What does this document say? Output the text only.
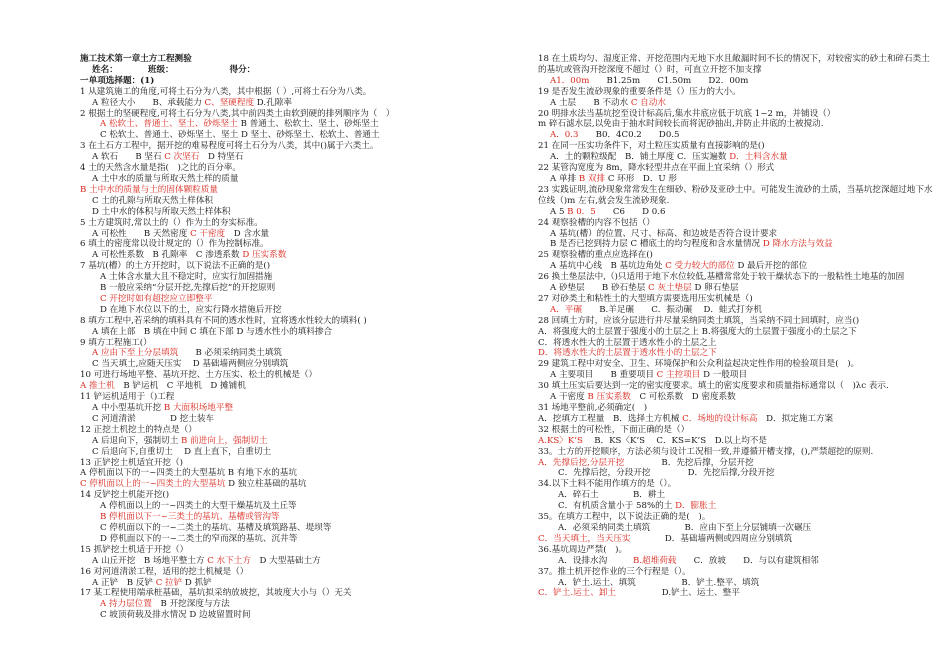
施工技术第一章土方工程测验
姓名：　　　　班级：　　　　　　　得分：
一单项选择题：(1)
1 从建筑施工的角度,可将土石分为八类，其中根据（ ）,可将土石分为八类。
A 粒径大小　　B、承载能力 C、坚硬程度 D.孔隙率
2 根据土的坚硬程度,可将土石分为八类,其中前四类土由软到硬的排列顺序为（　）
A 松软土、普通土、坚土、砂烁坚土 B 普通土、松软土、坚土、砂烁坚土
C 松软土、普通土、砂烁坚土、坚土 D 坚土、砂烁坚土、松软土、普通土
3 在土石方工程中，据开挖的难易程度可将土石分为八类，其中()属于六类土。
A 软石　　B 坚石 C 次坚石　D 特坚石
4 土的天然含水量是指(　)之比的百分率。
A 土中水的质量与所取天然土样的质量
B 土中水的质量与土的固体颗粒质量
C 土的孔隙与所取天然土样体积
D 土中水的体积与所取天然土样体积
5 土方建筑时,常以土的（）作为土的夯实标准。
A 可松性　　B 天然密度 C 干密度　D 含水量
6 填土的密度常以设计规定的（）作为控制标准。
A 可松性系数　B 孔隙率　C 渗透系数 D 压实系数
7 基坑(槽）的土方开挖时，以下说法不正确的是()
A 土体含水量大且不稳定时，应实行加固措施
B 一般应采纳“分层开挖,先撑后挖”的开挖原则
C 开挖时如有超挖应立即整平
D 在地下水位以下的土，应实行降水措施后开挖
8 填方工程中,若采纳的填料具有不同的透水性时，宜将透水性较大的填料( )
A 填在上部　B 填在中间 C 填在下部 D 与透水性小的填料掺合
9 填方工程施工(）
A 应由下至上分层填筑　　B 必须采纳同类土填筑
C 当天填土,应随天压实　 D 基础墙两侧应分别填筑
10 可进行场地平整、基坑开挖、土方压实、松土的机械是（）
A 推土机　B 铲运机　C 平地机　D 摊铺机
11 铲运机适用于（)工程
A 中小型基坑开挖 B 大面积场地平整
C 河道清淤　　　　D 挖土装车
12 正挖土机挖土的特点是（）
A 后退向下，强制切土 B 前进向上，强制切土
C 后退向下,自重切土　 D 直上直下，自重切土
13 正铲挖土机适宜开挖（)
A 停机面以下的一~四类土的大型基坑 B 有地下水的基坑
C 停机面以上的一~四类土的大型基坑 D 独立柱基础的基坑
14 反铲挖土机能开挖()
A 停机面以上的一~四类土的大型干燥基坑及土丘等
B 停机面以下一~三类土的基坑、基槽或管沟等
C 停机面以下的一~二类土的基坑、基槽及填筑路基、堤坝等
D 停机面以下的一~二类土的窄而深的基坑、沉井等
15 抓铲挖土机适于开挖（）
A 山丘开挖　B 场地平整土方 C 水下土方　D 大型基础土方
16 对河道清淤工程，适用的挖土机械是（）
A 正铲　B 反铲 C 拉铲 D 抓铲
17 某工程使用端承桩基础，基坑拟采纳放坡挖，其坡度大小与（）无关
A 持力层位置　B 开挖深度与方法
C 坡顶荷载及排水情况 D 边坡留置时间
18 在土质均匀、湿度正常、开挖范围内无地下水且敞漏时间不长的情况下，对较密实的砂土和碎石类土的基坑或管沟开挖深度不超过（）时，可直立开挖不加支撑
A1．00m　　B1.25m　　C1.50m　　D2．00m
19 是否发生流砂现象的重要条件是（）压力的大小。
A 土层　　B 不动水 C 自动水
20 明排水法当基坑挖至设计标高后,集水井底应低于坑底 1~2 m，并铺设（）
m 碎石滤水层,以免由于抽水时间较长而将泥砂抽出,并防止井底的土被搅动.
A．0.3　　B0．4C0.2　　D0.5
21 在同一压实功条件下，对土粒压实质量有直接影响的是()
A．土的颗粒级配　B．铺土厚度 C．压实遍数 D．土料含水量
22 某管沟宽度为 8m，降水轻型井点在平面上宜采纳（）形式
A 单排 B 双排 C 环形　D．U 形
23 实践证明,流砂现象常常发生在细砂、粉砂及亚砂土中。可能发生流砂的土质，当基坑挖深超过地下水位线（)m 左右,就会发生流砂现象.
A 5 B 0．5　　C6　　D 0.6
24 观察验槽的内容不包括（）
A 基坑(槽）的位置、尺寸、标高、和边坡是否符合设计要求
B 是否已挖到持力层 C 槽底土的均匀程度和含水量情况 D 降水方法与效益
25 观察验槽的重点应选择在()
A 基坑中心线　B 基坑边角处 C 受力较大的部位 D 最后开挖的部位
26 换土垫层法中,（)只适用于地下水位较低,基槽常常处于较干燥状态下的一般粘性土地基的加固
A 砂垫层　　B 砂石垫层 C 灰土垫层 D 卵石垫层
27 对砂类土和粘性土的大型填方需要选用压实机械是（)
A．平碾　　B.羊足碾　　C．振动碾　 D．蛙式打夯机
28 回填土方时，应该分层进行并尽量采纳同类土填筑，当采纳不同土回填时，应当()
A．将强度大的土层置于强度小的土层之上 B.将强度大的土层置于强度小的土层之下
C．将透水性大的土层置于透水性小的土层之上
D．将透水性大的土层置于透水性小的土层之下
29 建筑工程中对安全、卫生、环境保护和公众利益起决定性作用的检验项目是(　)。
A 主要项目　　B 重要项目 C 主控项目 D 一般项目
30 填土压实后要达到一定的密实度要求。填土的密实度要求和质量指标通常以（　)λc 表示.
A 干密度 B 压实系数　C 可松系数　D 密度系数
31 场地平整前,必须确定(　)
A．挖填方工程量　B．选择土方机械 C．场地的设计标高　D．拟定施工方案
32 根据土的可松性，下面正确的是（）
A.KS〉K’S　 B．KS〈K’S　 C．KS=K’S　D.以上均不是
33。土方的开挖顺序，方法必须与设计工况相一致,并遵循开槽支撑，(),严禁超挖的原则.
A．先撑后挖,分层开挖　　　　 B．先挖后撑，分层开挖
C．先撑后挖，分段开挖　　　　 D．先挖后撑,分段开挖
34.以下土料不能用作填方的是（）。
A．碎石土　　　　B．耕土
C．有机质含量小于 58%的土 D．膨胀土
35。在填方工程中，以下说法正确的是(　)。
A．必须采纳同类土填筑　　　　B．应由下至上分层铺填一次碾压
C．当天填土，当天压实　　　　D．基础墙两侧或四周应分别填筑
36.基坑周边严禁(　)。
A．设排水沟　　　B.超堆荷载　　C．放坡　　D．与以有建筑相邻
37。推土机开挖作业的三个行程是（）。
A．铲土.运土、填筑　　　　　 B．铲土.整平、填筑
C．铲土.运土、卸土　　　　　 D.铲土、运土、整平
